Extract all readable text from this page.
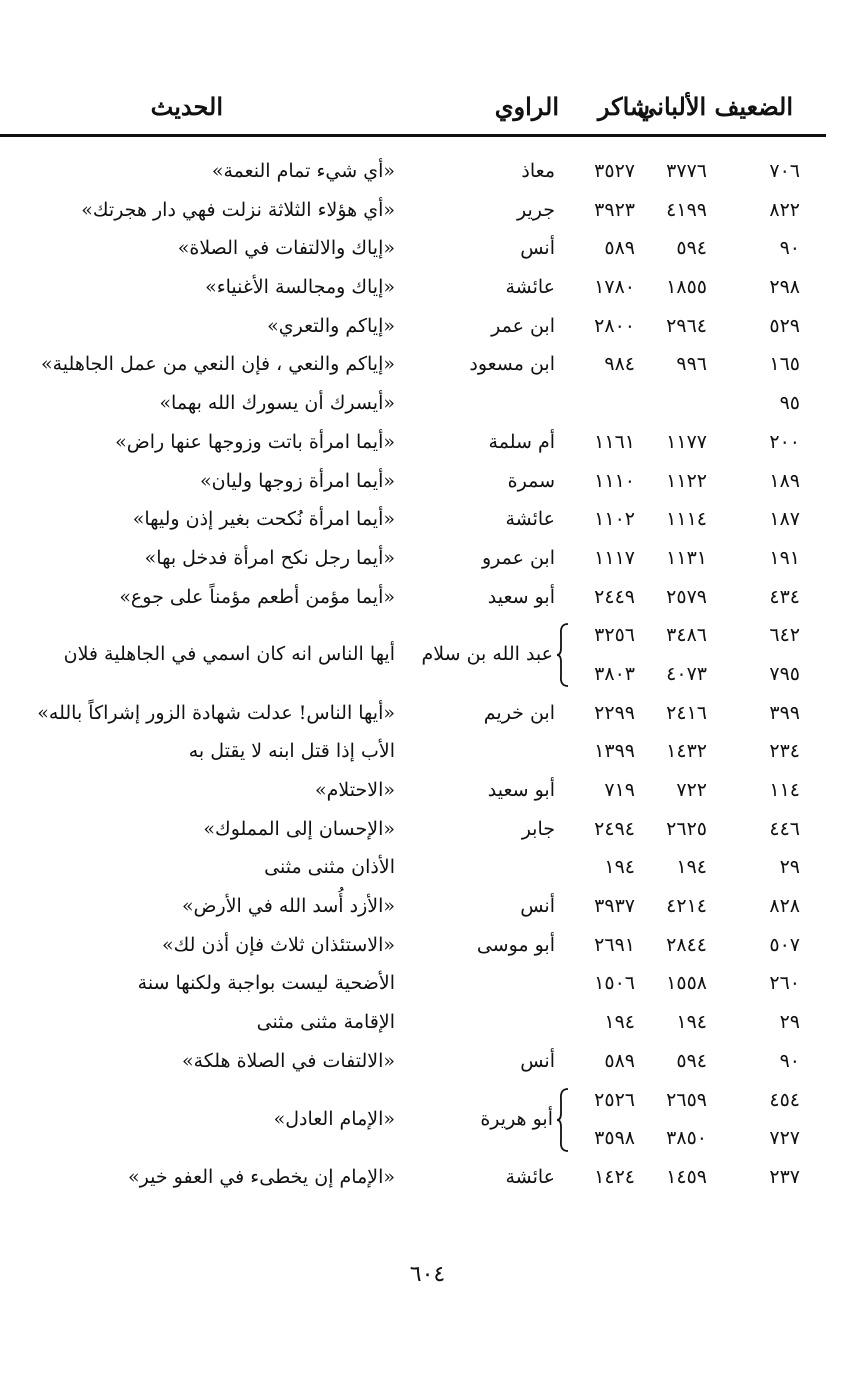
الضعيف الألباني
شاكر
الراوي
الحديث
٧٠٦
٣٧٧٦
٣٥٢٧
معاذ
«أي شيء تمام النعمة»
٨٢٢
٤١٩٩
٣٩٢٣
جرير
«أي هؤلاء الثلاثة نزلت فهي دار هجرتك»
٩٠
٥٩٤
٥٨٩
أنس
«إياك والالتفات في الصلاة»
٢٩٨
١٨٥٥
١٧٨٠
عائشة
«إياك ومجالسة الأغنياء»
٥٢٩
٢٩٦٤
٢٨٠٠
ابن عمر
«إياكم والتعري»
١٦٥
٩٩٦
٩٨٤
ابن مسعود
«إياكم والنعي ، فإن النعي من عمل الجاهلية»
٩٥
«أيسرك أن يسورك الله بهما»
٢٠٠
١١٧٧
١١٦١
أم سلمة
«أيما امرأة باتت وزوجها عنها راض»
١٨٩
١١٢٢
١١١٠
سمرة
«أيما امرأة زوجها وليان»
١٨٧
١١١٤
١١٠٢
عائشة
«أيما امرأة نُكحت بغير إذن وليها»
١٩١
١١٣١
١١١٧
ابن عمرو
«أيما رجل نكح امرأة فدخل بها»
٤٣٤
٢٥٧٩
٢٤٤٩
أبو سعيد
«أيما مؤمن أطعم مؤمناً على جوع»
٦٤٢
٣٤٨٦
٣٢٥٦
٧٩٥
٤٠٧٣
٣٨٠٣
عبد الله بن سلام
أيها الناس انه كان اسمي في الجاهلية فلان
٣٩٩
٢٤١٦
٢٢٩٩
ابن خريم
«أيها الناس! عدلت شهادة الزور إشراكاً بالله»
٢٣٤
١٤٣٢
١٣٩٩
الأب إذا قتل ابنه لا يقتل به
١١٤
٧٢٢
٧١٩
أبو سعيد
«الاحتلام»
٤٤٦
٢٦٢٥
٢٤٩٤
جابر
«الإحسان إلى المملوك»
٢٩
١٩٤
١٩٤
الأذان مثنى مثنى
٨٢٨
٤٢١٤
٣٩٣٧
أنس
«الأزد أُسد الله في الأرض»
٥٠٧
٢٨٤٤
٢٦٩١
أبو موسى
«الاستئذان ثلاث فإن أذن لك»
٢٦٠
١٥٥٨
١٥٠٦
الأضحية ليست بواجبة ولكنها سنة
٢٩
١٩٤
١٩٤
الإقامة مثنى مثنى
٩٠
٥٩٤
٥٨٩
أنس
«الالتفات في الصلاة هلكة»
٤٥٤
٢٦٥٩
٢٥٢٦
٧٢٧
٣٨٥٠
٣٥٩٨
أبو هريرة
«الإمام العادل»
٢٣٧
١٤٥٩
١٤٢٤
عائشة
«الإمام إن يخطىء في العفو خير»
٦٠٤
